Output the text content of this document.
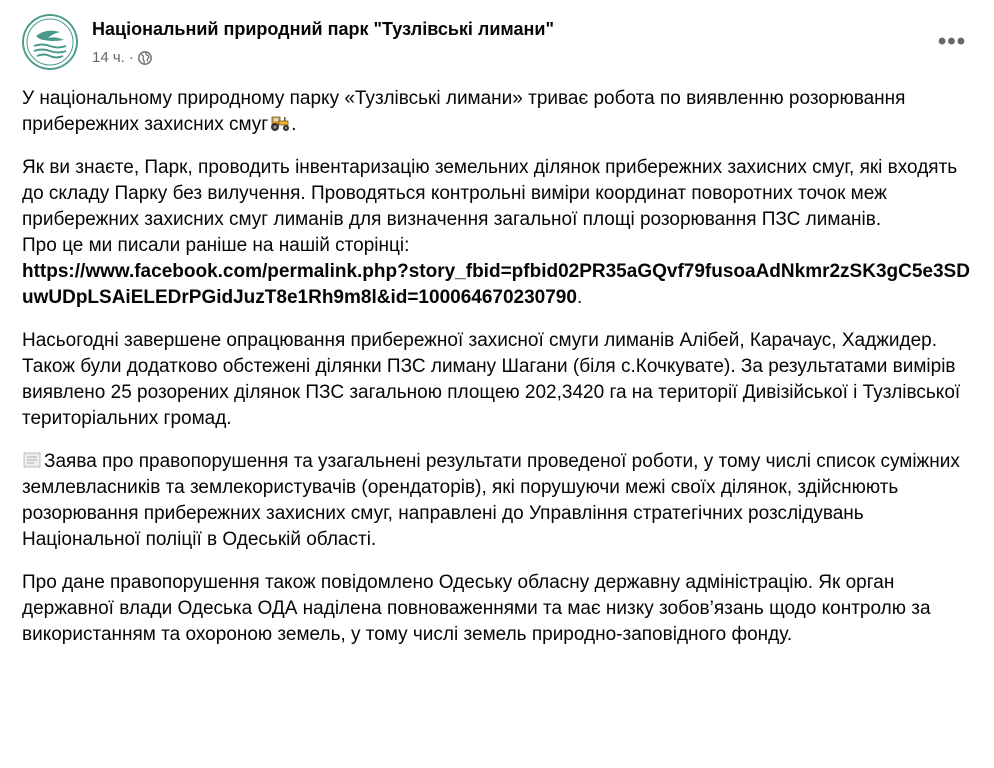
Національний природний парк "Тузлівські лимани"
14 ч. ·
•••

У національному природному парку «Тузлівські лимани» триває робота по виявленню розорювання прибережних захисних смуг .

Як ви знаєте, Парк, проводить інвентаризацію земельних ділянок прибережних захисних смуг, які входять до складу Парку без вилучення. Проводяться контрольні виміри координат поворотних точок меж прибережних захисних смуг лиманів для визначення загальної площі розорювання ПЗС лиманів.
Про це ми писали раніше на нашій сторінці:
https://www.facebook.com/permalink.php?story_fbid=pfbid02PR35aGQvf79fusoaAdNkmr2zSK3gC5e3SDuwUDpLSAiELEDrPGidJuzT8e1Rh9m8l&id=100064670230790.

Насьогодні завершене опрацювання прибережної захисної смуги лиманів Алібей, Карачаус, Хаджидер. Також були додатково обстежені ділянки ПЗС лиману Шагани (біля с.Кочкувате). За результатами вимірів виявлено 25 розорених ділянок ПЗС загальною площею 202,3420 га на території Дивізійської і Тузлівської територіальних громад.

Заява про правопорушення та узагальнені результати проведеної роботи, у тому числі список суміжних землевласників та землекористувачів (орендаторів), які порушуючи межі своїх ділянок, здійснюють розорювання прибережних захисних смуг, направлені до Управління стратегічних розслідувань Національної поліції в Одеській області.

Про дане правопорушення також повідомлено Одеську обласну державну адміністрацію. Як орган державної влади Одеська ОДА наділена повноваженнями та має низку зобов’язань щодо контролю за використанням та охороною земель, у тому числі земель природно-заповідного фонду.
